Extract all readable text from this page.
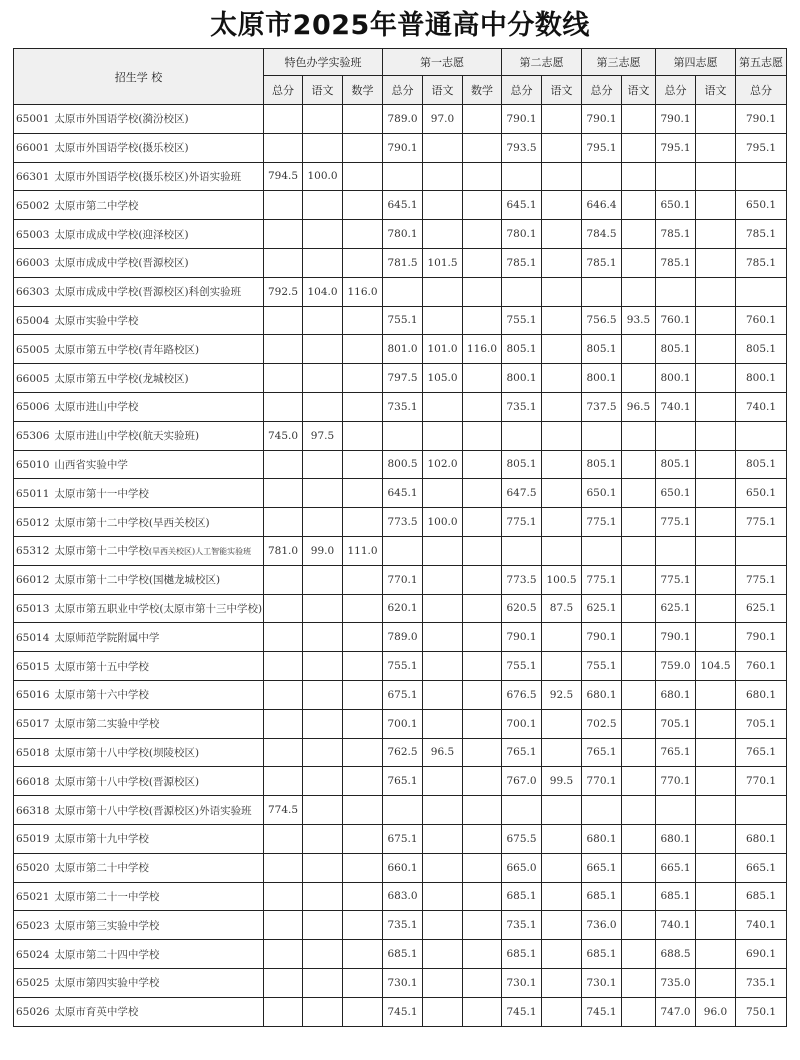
太原市2025年普通高中分数线
招生学 校	特色办学实验班			第一志愿			第二志愿		第三志愿		第四志愿		第五志愿
	总分	语文	数学	总分	语文	数学	总分	语文	总分	语文	总分	语文	总分
65001 太原市外国语学校(漪汾校区)				789.0	97.0		790.1		790.1		790.1		790.1
66001 太原市外国语学校(摄乐校区)				790.1			793.5		795.1		795.1		795.1
66301 太原市外国语学校(摄乐校区)外语实验班	794.5	100.0											
65002 太原市第二中学校				645.1			645.1		646.4		650.1		650.1
65003 太原市成成中学校(迎泽校区)				780.1			780.1		784.5		785.1		785.1
66003 太原市成成中学校(晋源校区)				781.5	101.5		785.1		785.1		785.1		785.1
66303 太原市成成中学校(晋源校区)科创实验班	792.5	104.0	116.0										
65004 太原市实验中学校				755.1			755.1		756.5	93.5	760.1		760.1
65005 太原市第五中学校(青年路校区)				801.0	101.0	116.0	805.1		805.1		805.1		805.1
66005 太原市第五中学校(龙城校区)				797.5	105.0		800.1		800.1		800.1		800.1
65006 太原市进山中学校				735.1			735.1		737.5	96.5	740.1		740.1
65306 太原市进山中学校(航天实验班)	745.0	97.5											
65010 山西省实验中学				800.5	102.0		805.1		805.1		805.1		805.1
65011 太原市第十一中学校				645.1			647.5		650.1		650.1		650.1
65012 太原市第十二中学校(旱西关校区)				773.5	100.0		775.1		775.1		775.1		775.1
65312 太原市第十二中学校(旱西关校区)人工智能实验班	781.0	99.0	111.0										
66012 太原市第十二中学校(国樾龙城校区)				770.1			773.5	100.5	775.1		775.1		775.1
65013 太原市第五职业中学校(太原市第十三中学校)				620.1			620.5	87.5	625.1		625.1		625.1
65014 太原师范学院附属中学				789.0			790.1		790.1		790.1		790.1
65015 太原市第十五中学校				755.1			755.1		755.1		759.0	104.5	760.1
65016 太原市第十六中学校				675.1			676.5	92.5	680.1		680.1		680.1
65017 太原市第二实验中学校				700.1			700.1		702.5		705.1		705.1
65018 太原市第十八中学校(坝陵校区)				762.5	96.5		765.1		765.1		765.1		765.1
66018 太原市第十八中学校(晋源校区)				765.1			767.0	99.5	770.1		770.1		770.1
66318 太原市第十八中学校(晋源校区)外语实验班	774.5												
65019 太原市第十九中学校				675.1			675.5		680.1		680.1		680.1
65020 太原市第二十中学校				660.1			665.0		665.1		665.1		665.1
65021 太原市第二十一中学校				683.0			685.1		685.1		685.1		685.1
65023 太原市第三实验中学校				735.1			735.1		736.0		740.1		740.1
65024 太原市第二十四中学校				685.1			685.1		685.1		688.5		690.1
65025 太原市第四实验中学校				730.1			730.1		730.1		735.0		735.1
65026 太原市育英中学校				745.1			745.1		745.1		747.0	96.0	750.1
